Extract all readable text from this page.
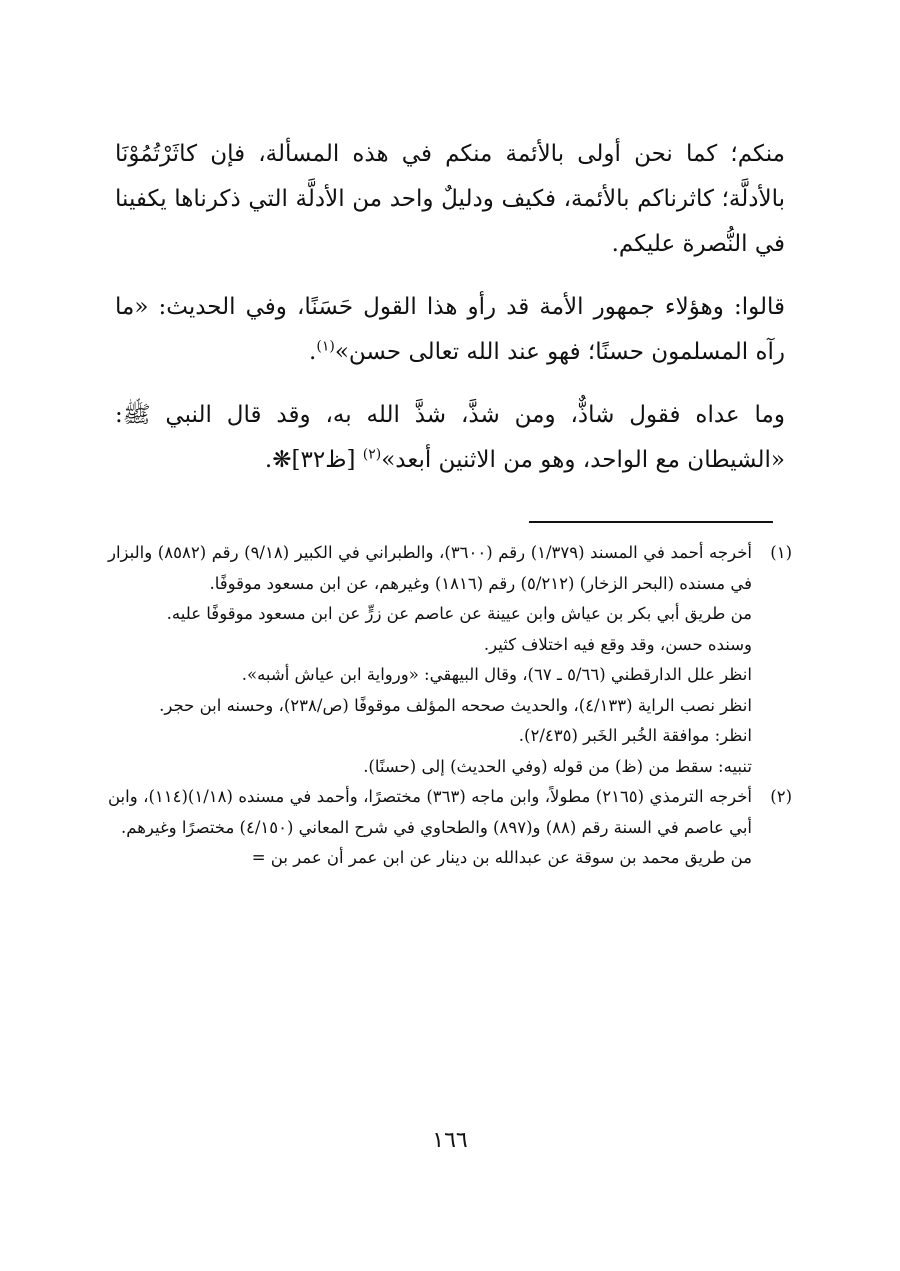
منكم؛ كما نحن أولى بالأئمة منكم في هذه المسألة، فإن كاثَرْتُمُوْنَا بالأدلَّة؛ كاثرناكم بالأئمة، فكيف ودليلٌ واحد من الأدلَّة التي ذكرناها يكفينا في النُّصرة عليكم.

قالوا: وهؤلاء جمهور الأمة قد رأو هذا القول حَسَنًا، وفي الحديث: «ما رآه المسلمون حسنًا؛ فهو عند الله تعالى حسن»$^{(١)}$.

وما عداه فقول شاذٌّ، ومن شذَّ، شذَّ الله به، وقد قال النبي ﷺ: «الشيطان مع الواحد، وهو من الاثنين أبعد»$^{(٢)}$ [ظ٣٢]❋.

(١)

أخرجه أحمد في المسند (١/٣٧٩) رقم (٣٦٠٠)، والطبراني في الكبير (٩/١٨) رقم (٨٥٨٢) والبزار في مسنده (البحر الزخار) (٥/٢١٢) رقم (١٨١٦) وغيرهم، عن ابن مسعود موقوفًا.

من طريق أبي بكر بن عياش وابن عيينة عن عاصم عن زرٍّ عن ابن مسعود موقوفًا عليه.

وسنده حسن، وقد وقع فيه اختلاف كثير.

انظر علل الدارقطني (٥/٦٦ ـ ٦٧)، وقال البيهقي: «ورواية ابن عياش أشبه».

انظر نصب الراية (٤/١٣٣)، والحديث صححه المؤلف موقوفًا (ص/٢٣٨)، وحسنه ابن حجر.

انظر: موافقة الخُبر الخَبر (٢/٤٣٥).

تنبيه: سقط من (ظ) من قوله (وفي الحديث) إلى (حسنًا).

(٢)

أخرجه الترمذي (٢١٦٥) مطولاً، وابن ماجه (٣٦٣) مختصرًا، وأحمد في مسنده (١/١٨)(١١٤)، وابن أبي عاصم في السنة رقم (٨٨) و(٨٩٧) والطحاوي في شرح المعاني (٤/١٥٠) مختصرًا وغيرهم.

من طريق محمد بن سوقة عن عبدالله بن دينار عن ابن عمر أن عمر بن =

١٦٦
